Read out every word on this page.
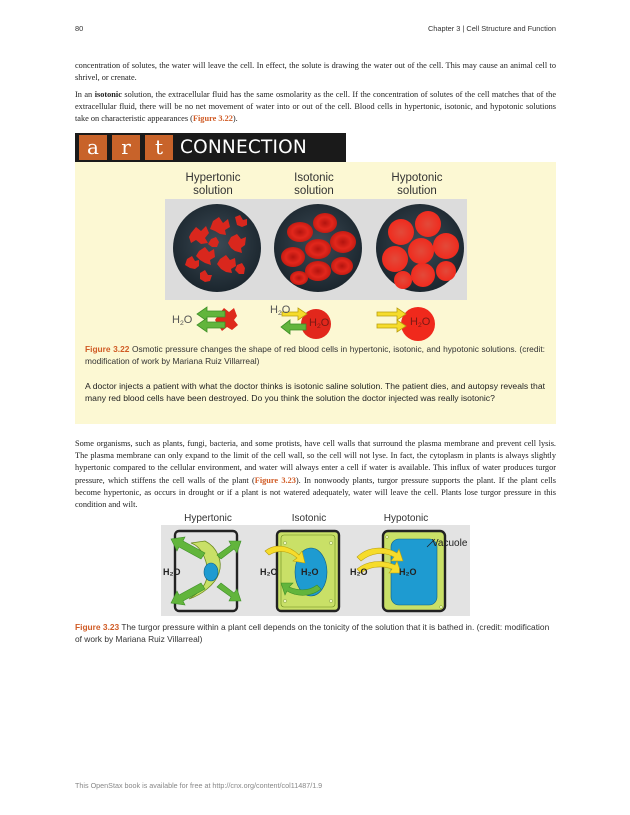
80	Chapter 3 | Cell Structure and Function

concentration of solutes, the water will leave the cell. In effect, the solute is drawing the water out of the cell. This may cause an animal cell to shrivel, or crenate.

In an isotonic solution, the extracellular fluid has the same osmolarity as the cell. If the concentration of solutes of the cell matches that of the extracellular fluid, there will be no net movement of water into or out of the cell. Blood cells in hypertonic, isotonic, and hypotonic solutions take on characteristic appearances (Figure 3.22).

a	r	t CONNECTION
Hypertonic
solution
Isotonic
solution
Hypotonic
solution
$H_2O$
$H_2O$
$H_2O$	$H_2O$

Figure 3.22 Osmotic pressure changes the shape of red blood cells in hypertonic, isotonic, and hypotonic solutions. (credit: modification of work by Mariana Ruiz Villarreal)

A doctor injects a patient with what the doctor thinks is isotonic saline solution. The patient dies, and autopsy reveals that many red blood cells have been destroyed. Do you think the solution the doctor injected was really isotonic?

Some organisms, such as plants, fungi, bacteria, and some protists, have cell walls that surround the plasma membrane and prevent cell lysis. The plasma membrane can only expand to the limit of the cell wall, so the cell will not lyse. In fact, the cytoplasm in plants is always slightly hypertonic compared to the cellular environment, and water will always enter a cell if water is available. This influx of water produces turgor pressure, which stiffens the cell walls of the plant (Figure 3.23). In nonwoody plants, turgor pressure supports the plant. If the plant cells become hypertonic, as occurs in drought or if a plant is not watered adequately, water will leave the cell. Plants lose turgor pressure in this condition and wilt.

Hypertonic	Isotonic	Hypotonic
H₂O	H₂O	H₂O	H₂O	H₂O
Vacuole

Figure 3.23 The turgor pressure within a plant cell depends on the tonicity of the solution that it is bathed in. (credit: modification of work by Mariana Ruiz Villarreal)

This OpenStax book is available for free at http://cnx.org/content/col11487/1.9
